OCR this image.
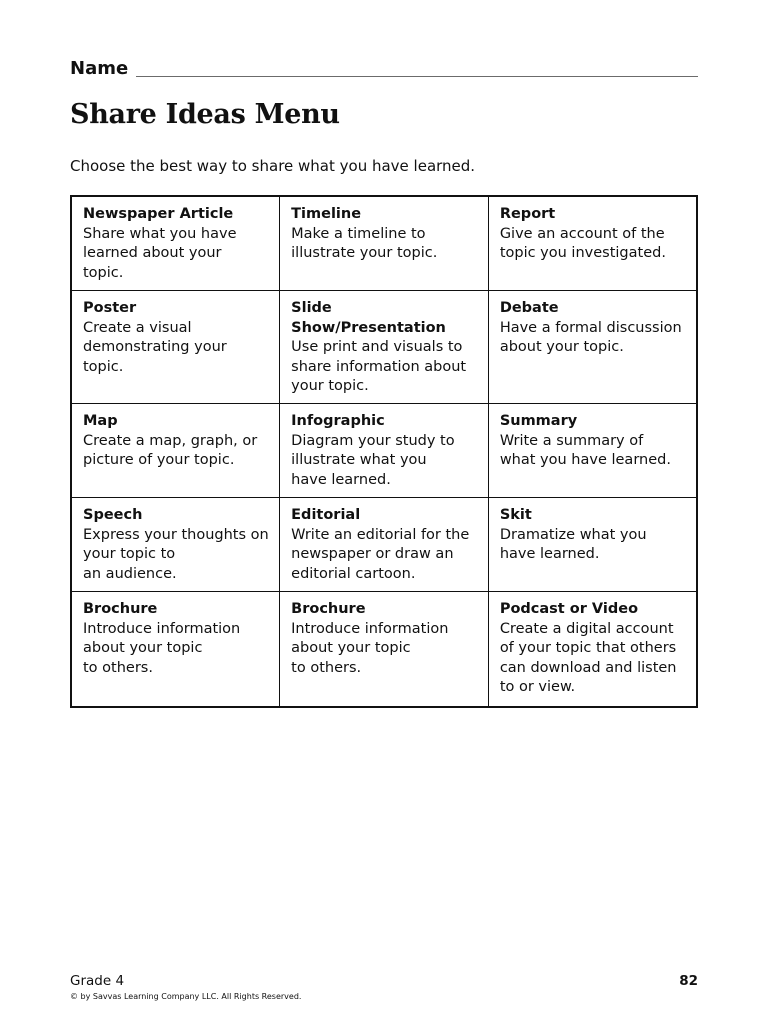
Name
Share Ideas Menu
Choose the best way to share what you have learned.
Newspaper Article
Share what you have
learned about your
topic.	Timeline
Make a timeline to
illustrate your topic.	Report
Give an account of the
topic you investigated.

Poster
Create a visual
demonstrating your
topic.	Slide Show/Presentation
Use print and visuals to
share information about
your topic.	Debate
Have a formal discussion
about your topic.

Map
Create a map, graph, or
picture of your topic.	Infographic
Diagram your study to
illustrate what you
have learned.	Summary
Write a summary of
what you have learned.

Speech
Express your thoughts on
your topic to
an audience.	Editorial
Write an editorial for the
newspaper or draw an
editorial cartoon.	Skit
Dramatize what you
have learned.

Brochure
Introduce information
about your topic
to others.	Brochure
Introduce information
about your topic
to others.	Podcast or Video
Create a digital account
of your topic that others
can download and listen
to or view.
Grade 4	82
© by Savvas Learning Company LLC. All Rights Reserved.
